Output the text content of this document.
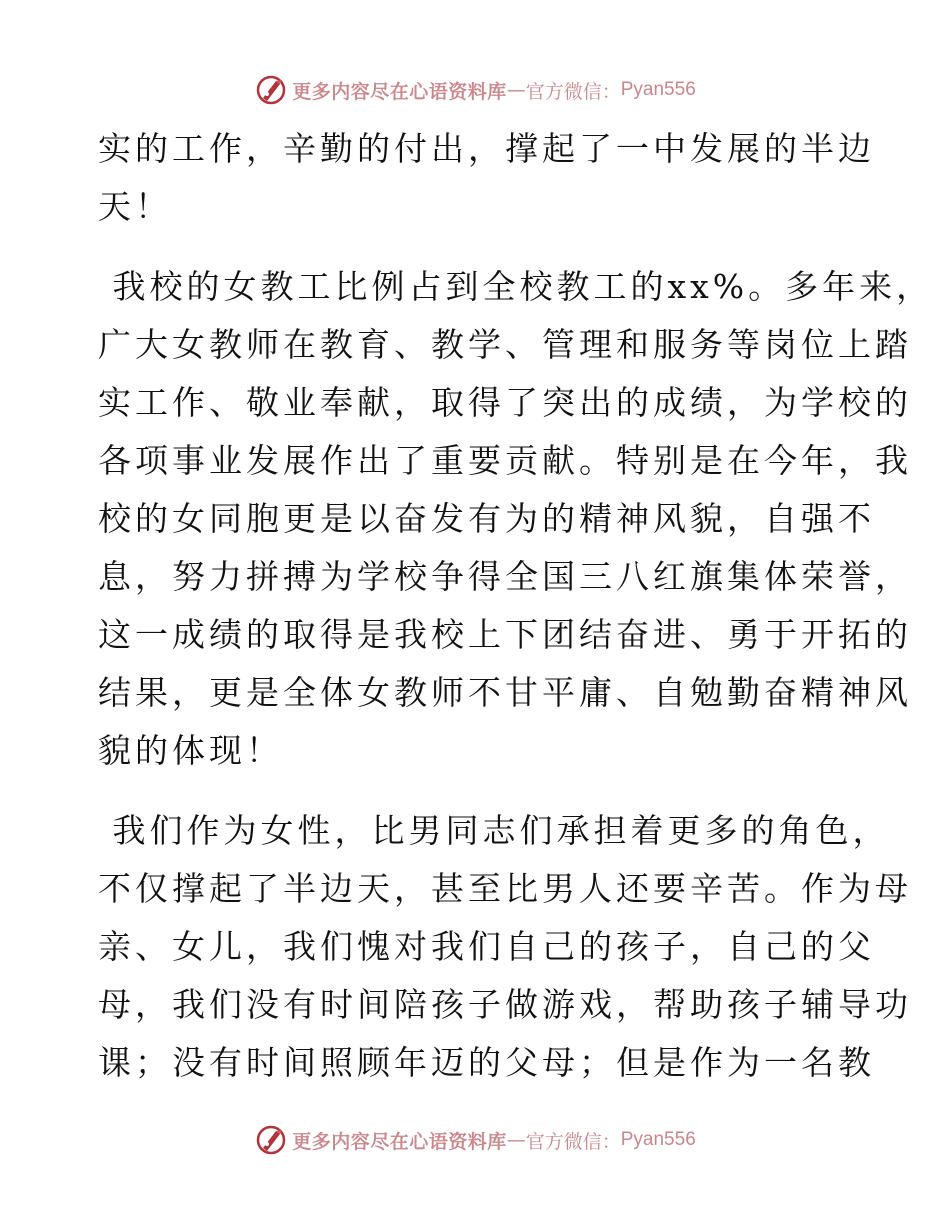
更多内容尽在心语资料库 — 官方微信： Pyan556
实的工作，辛勤的付出，撑起了一中发展的半边
天！
我校的女教工比例占到全校教工的xx%。多年来，
广大女教师在教育、教学、管理和服务等岗位上踏
实工作、敬业奉献，取得了突出的成绩，为学校的
各项事业发展作出了重要贡献。特别是在今年，我
校的女同胞更是以奋发有为的精神风貌，自强不
息，努力拼搏为学校争得全国三八红旗集体荣誉，
这一成绩的取得是我校上下团结奋进、勇于开拓的
结果，更是全体女教师不甘平庸、自勉勤奋精神风
貌的体现！
我们作为女性，比男同志们承担着更多的角色，
不仅撑起了半边天，甚至比男人还要辛苦。作为母
亲、女儿，我们愧对我们自己的孩子，自己的父
母，我们没有时间陪孩子做游戏，帮助孩子辅导功
课；没有时间照顾年迈的父母；但是作为一名教
更多内容尽在心语资料库 — 官方微信： Pyan556
